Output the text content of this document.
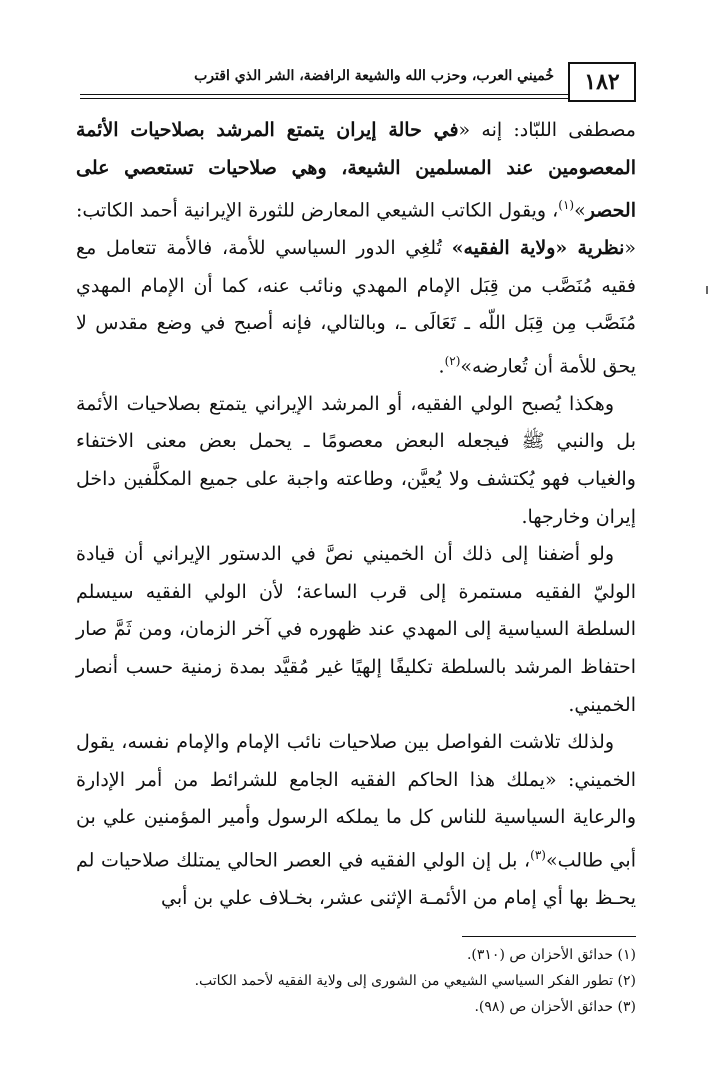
١٨٢
خُميني العرب، وحزب الله والشيعة الرافضة، الشر الذي اقترب

مصطفى اللبّاد: إنه «في حالة إيران يتمتع المرشد بصلاحيات الأئمة المعصومين عند المسلمين الشيعة، وهي صلاحيات تستعصي على الحصر»$^{(١)}$، ويقول الكاتب الشيعي المعارض للثورة الإيرانية أحمد الكاتب: «نظرية «ولاية الفقيه» تُلغِي الدور السياسي للأمة، فالأمة تتعامل مع فقيه مُنَصَّب من قِبَل الإمام المهدي ونائب عنه، كما أن الإمام المهدي مُنَصَّب مِن قِبَل اللّه ـ تَعَالَى ـ، وبالتالي، فإنه أصبح في وضع مقدس لا يحق للأمة أن تُعارضه»$^{(٢)}$.

وهكذا يُصبح الولي الفقيه، أو المرشد الإيراني يتمتع بصلاحيات الأئمة بل والنبي ﷺ فيجعله البعض معصومًا ـ يحمل بعض معنى الاختفاء والغياب فهو يُكتشف ولا يُعيَّن، وطاعته واجبة على جميع المكلَّفين داخل إيران وخارجها.

ولو أضفنا إلى ذلك أن الخميني نصَّ في الدستور الإيراني أن قيادة الوليّ الفقيه مستمرة إلى قرب الساعة؛ لأن الولي الفقيه سيسلم السلطة السياسية إلى المهدي عند ظهوره في آخر الزمان، ومن ثَمَّ صار احتفاظ المرشد بالسلطة تكليفًا إلهيًا غير مُقيَّد بمدة زمنية حسب أنصار الخميني.

ولذلك تلاشت الفواصل بين صلاحيات نائب الإمام والإمام نفسه، يقول الخميني: «يملك هذا الحاكم الفقيه الجامع للشرائط من أمر الإدارة والرعاية السياسية للناس كل ما يملكه الرسول وأمير المؤمنين علي بن أبي طالب»$^{(٣)}$، بل إن الولي الفقيه في العصر الحالي يمتلك صلاحيات لم يحـظ بها أي إمام من الأئمـة الإثنى عشر، بخـلاف علي بن أبي

(١) حدائق الأحزان ص (٣١٠).

(٢) تطور الفكر السياسي الشيعي من الشورى إلى ولاية الفقيه لأحمد الكاتب.

(٣) حدائق الأحزان ص (٩٨).
